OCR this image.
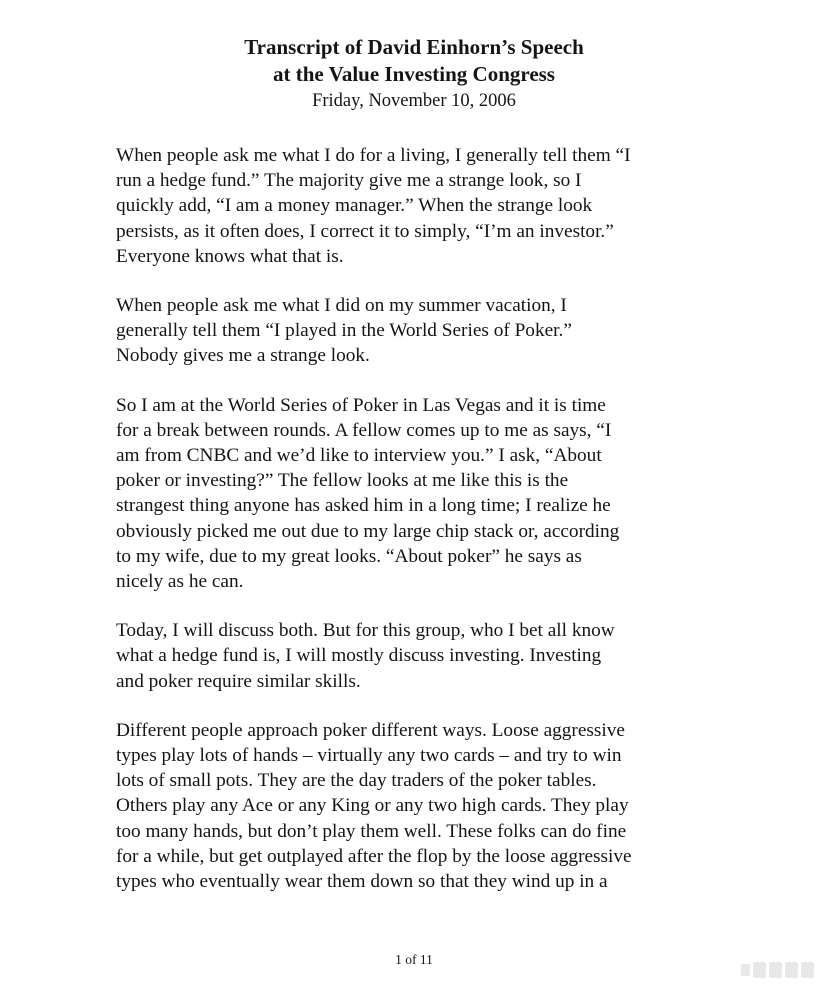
Transcript of David Einhorn’s Speech

at the Value Investing Congress

Friday, November 10, 2006

When people ask me what I do for a living, I generally tell them “I
run a hedge fund.” The majority give me a strange look, so I
quickly add, “I am a money manager.” When the strange look
persists, as it often does, I correct it to simply, “I’m an investor.”
Everyone knows what that is.
When people ask me what I did on my summer vacation, I
generally tell them “I played in the World Series of Poker.”
Nobody gives me a strange look.
So I am at the World Series of Poker in Las Vegas and it is time
for a break between rounds. A fellow comes up to me as says, “I
am from CNBC and we’d like to interview you.” I ask, “About
poker or investing?” The fellow looks at me like this is the
strangest thing anyone has asked him in a long time; I realize he
obviously picked me out due to my large chip stack or, according
to my wife, due to my great looks. “About poker” he says as
nicely as he can.
Today, I will discuss both. But for this group, who I bet all know
what a hedge fund is, I will mostly discuss investing. Investing
and poker require similar skills.
Different people approach poker different ways. Loose aggressive
types play lots of hands – virtually any two cards – and try to win
lots of small pots. They are the day traders of the poker tables.
Others play any Ace or any King or any two high cards. They play
too many hands, but don’t play them well. These folks can do fine
for a while, but get outplayed after the flop by the loose aggressive
types who eventually wear them down so that they wind up in a
1 of 11
